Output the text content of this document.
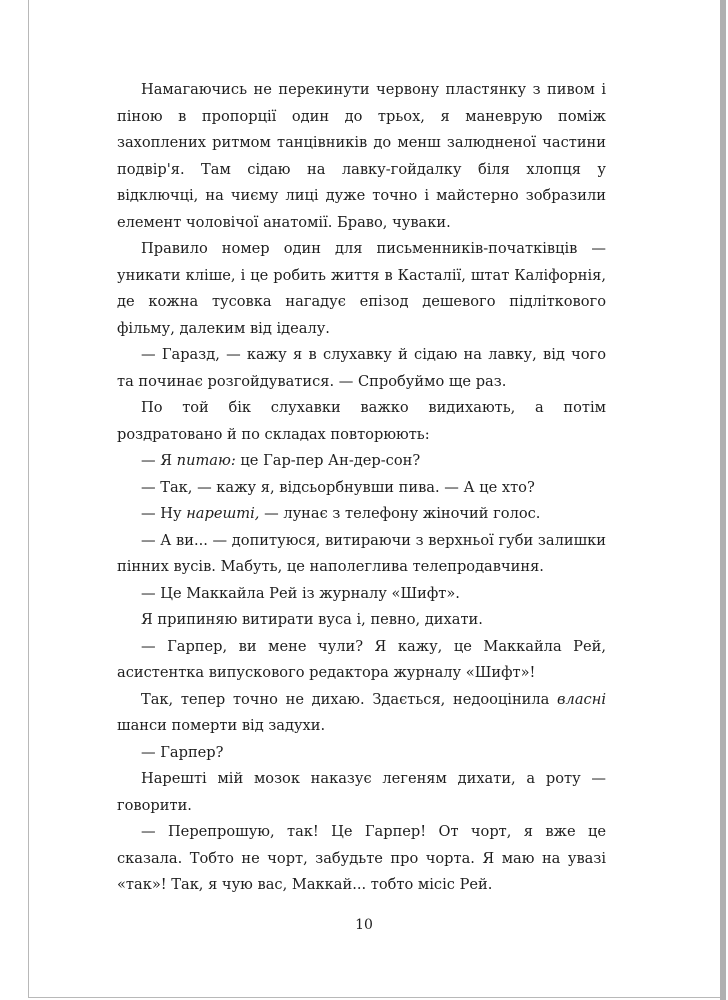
Намагаючись не перекинути червону пластянку з пивом і піною в пропорції один до трьох, я маневрую поміж захоплених ритмом танцівників до менш залюдненої частини подвір'я. Там сідаю на лавку-гойдалку біля хлопця у відключці, на чиєму лиці дуже точно і майстерно зобразили елемент чоловічої анатомії. Браво, чуваки.

Правило номер один для письменників-початківців — уникати кліше, і це робить життя в Касталії, штат Каліфорнія, де кожна тусовка нагадує епізод дешевого підліткового фільму, далеким від ідеалу.

— Гаразд, — кажу я в слухавку й сідаю на лавку, від чого та починає розгойдуватися. — Спробуймо ще раз.

По той бік слухавки важко видихають, а потім роздратовано й по складах повторюють:

— Я питаю: це Гар-пер Ан-дер-сон?

— Так, — кажу я, відсьорбнувши пива. — А це хто?

— Ну нарешті, — лунає з телефону жіночий голос.

— А ви... — допитуюся, витираючи з верхньої губи залишки пінних вусів. Мабуть, це наполеглива телепродавчиня.

— Це Маккайла Рей із журналу «Шифт».

Я припиняю витирати вуса і, певно, дихати.

— Гарпер, ви мене чули? Я кажу, це Маккайла Рей, асистентка випускового редактора журналу «Шифт»!

Так, тепер точно не дихаю. Здається, недооцінила власні шанси померти від задухи.

— Гарпер?

Нарешті мій мозок наказує легеням дихати, а роту — говорити.

— Перепрошую, так! Це Гарпер! От чорт, я вже це сказала. Тобто не чорт, забудьте про чорта. Я маю на увазі «так»! Так, я чую вас, Маккай... тобто місіс Рей.

10
